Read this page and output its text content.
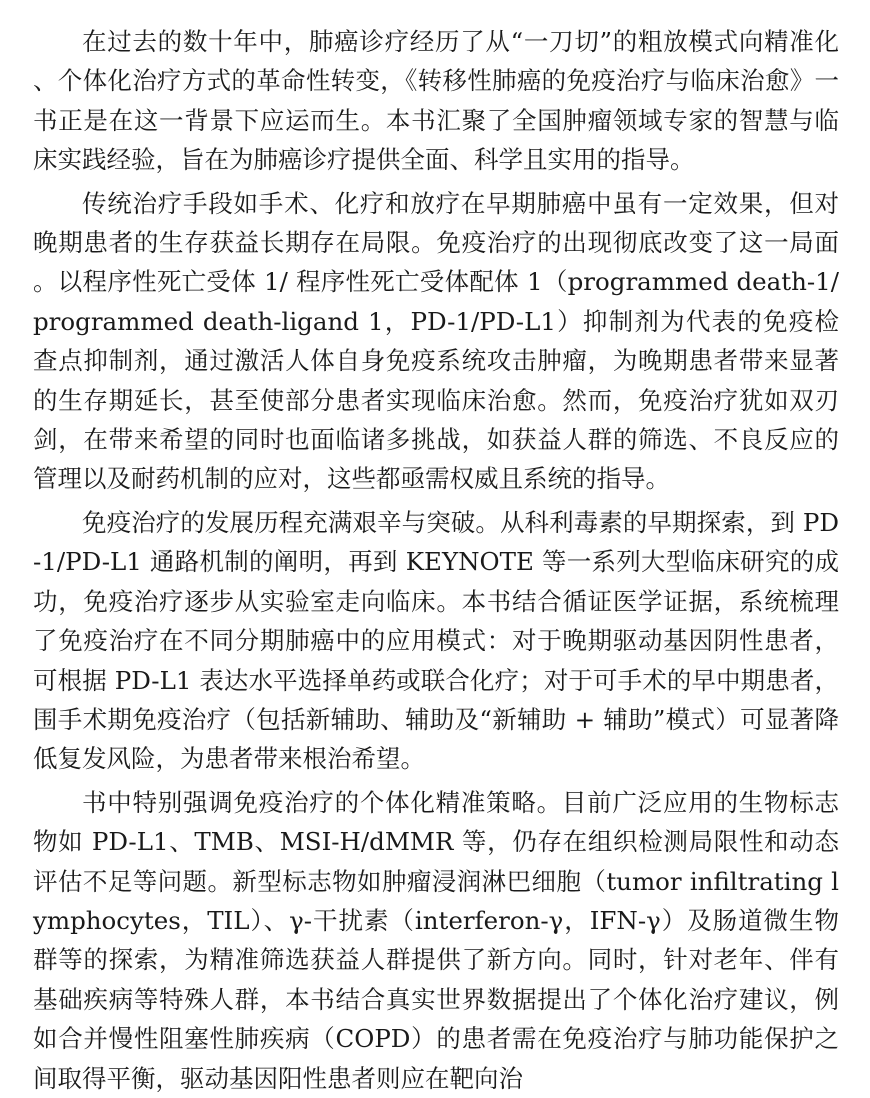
在过去的数十年中，肺癌诊疗经历了从“一刀切”的粗放模式向精准化、个体化治疗方式的革命性转变，《转移性肺癌的免疫治疗与临床治愈》一书正是在这一背景下应运而生。本书汇聚了全国肿瘤领域专家的智慧与临床实践经验，旨在为肺癌诊疗提供全面、科学且实用的指导。

传统治疗手段如手术、化疗和放疗在早期肺癌中虽有一定效果，但对晚期患者的生存获益长期存在局限。免疫治疗的出现彻底改变了这一局面。以程序性死亡受体 1/ 程序性死亡受体配体 1（programmed death-1/programmed death-ligand 1，PD-1/PD-L1）抑制剂为代表的免疫检查点抑制剂，通过激活人体自身免疫系统攻击肿瘤，为晚期患者带来显著的生存期延长，甚至使部分患者实现临床治愈。然而，免疫治疗犹如双刃剑，在带来希望的同时也面临诸多挑战，如获益人群的筛选、不良反应的管理以及耐药机制的应对，这些都亟需权威且系统的指导。

免疫治疗的发展历程充满艰辛与突破。从科利毒素的早期探索，到 PD-1/PD-L1 通路机制的阐明，再到 KEYNOTE 等一系列大型临床研究的成功，免疫治疗逐步从实验室走向临床。本书结合循证医学证据，系统梳理了免疫治疗在不同分期肺癌中的应用模式：对于晚期驱动基因阴性患者，可根据 PD-L1 表达水平选择单药或联合化疗；对于可手术的早中期患者，围手术期免疫治疗（包括新辅助、辅助及“新辅助 + 辅助”模式）可显著降低复发风险，为患者带来根治希望。

书中特别强调免疫治疗的个体化精准策略。目前广泛应用的生物标志物如 PD-L1、TMB、MSI-H/dMMR 等，仍存在组织检测局限性和动态评估不足等问题。新型标志物如肿瘤浸润淋巴细胞（tumor infiltrating lymphocytes，TIL）、γ-干扰素（interferon-γ，IFN-γ）及肠道微生物群等的探索，为精准筛选获益人群提供了新方向。同时，针对老年、伴有基础疾病等特殊人群，本书结合真实世界数据提出了个体化治疗建议，例如合并慢性阻塞性肺疾病（COPD）的患者需在免疫治疗与肺功能保护之间取得平衡，驱动基因阳性患者则应在靶向治
